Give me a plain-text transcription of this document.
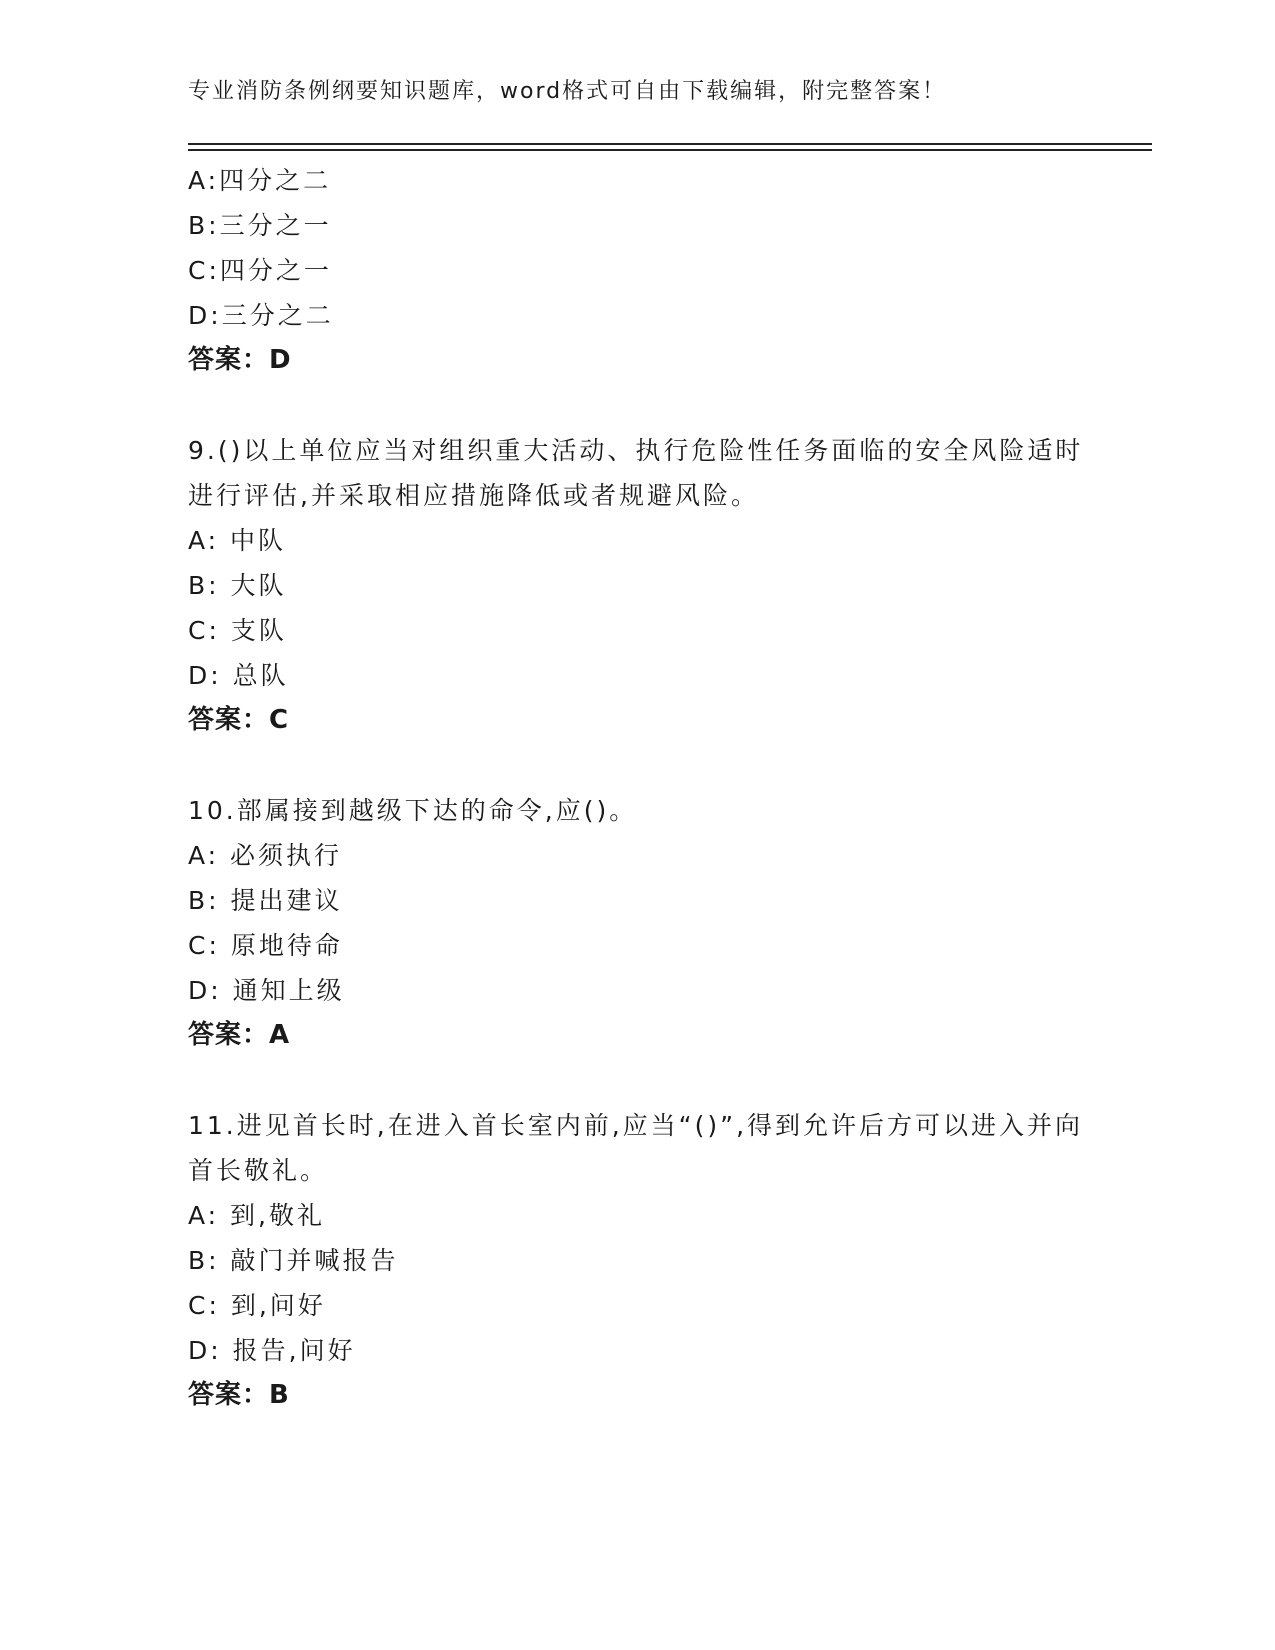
专业消防条例纲要知识题库，word格式可自由下载编辑，附完整答案！
A:四分之二
B:三分之一
C:四分之一
D:三分之二
答案：D
9.()以上单位应当对组织重大活动、执行危险性任务面临的安全风险适时进行评估,并采取相应措施降低或者规避风险。
A: 中队
B: 大队
C: 支队
D: 总队
答案：C
10.部属接到越级下达的命令,应()。
A: 必须执行
B: 提出建议
C: 原地待命
D: 通知上级
答案：A
11.进见首长时,在进入首长室内前,应当“()”,得到允许后方可以进入并向首长敬礼。
A: 到,敬礼
B: 敲门并喊报告
C: 到,问好
D: 报告,问好
答案：B
